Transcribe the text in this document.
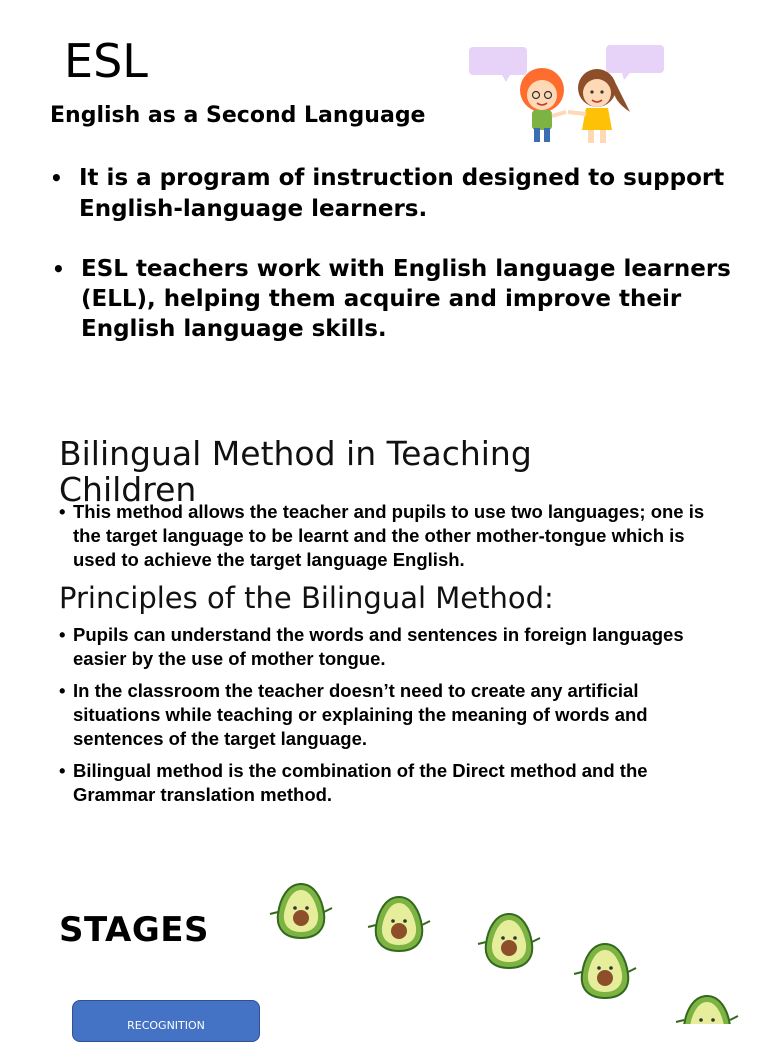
ESL
English as a Second Language
• It is a program of instruction designed to support English-language learners.
• ESL teachers work with English language learners (ELL), helping them acquire and improve their English language skills.
Bilingual Method in Teaching Children
• This method allows the teacher and pupils to use two languages; one is the target language to be learnt and the other mother-tongue which is used to achieve the target language English.
Principles of the Bilingual Method:
• Pupils can understand the words and sentences in foreign languages easier by the use of mother tongue.
• In the classroom the teacher doesn’t need to create any artificial situations while teaching or explaining the meaning of words and sentences of the target language.
• Bilingual method is the combination of the Direct method and the Grammar translation method.
STAGES
RECOGNITION
